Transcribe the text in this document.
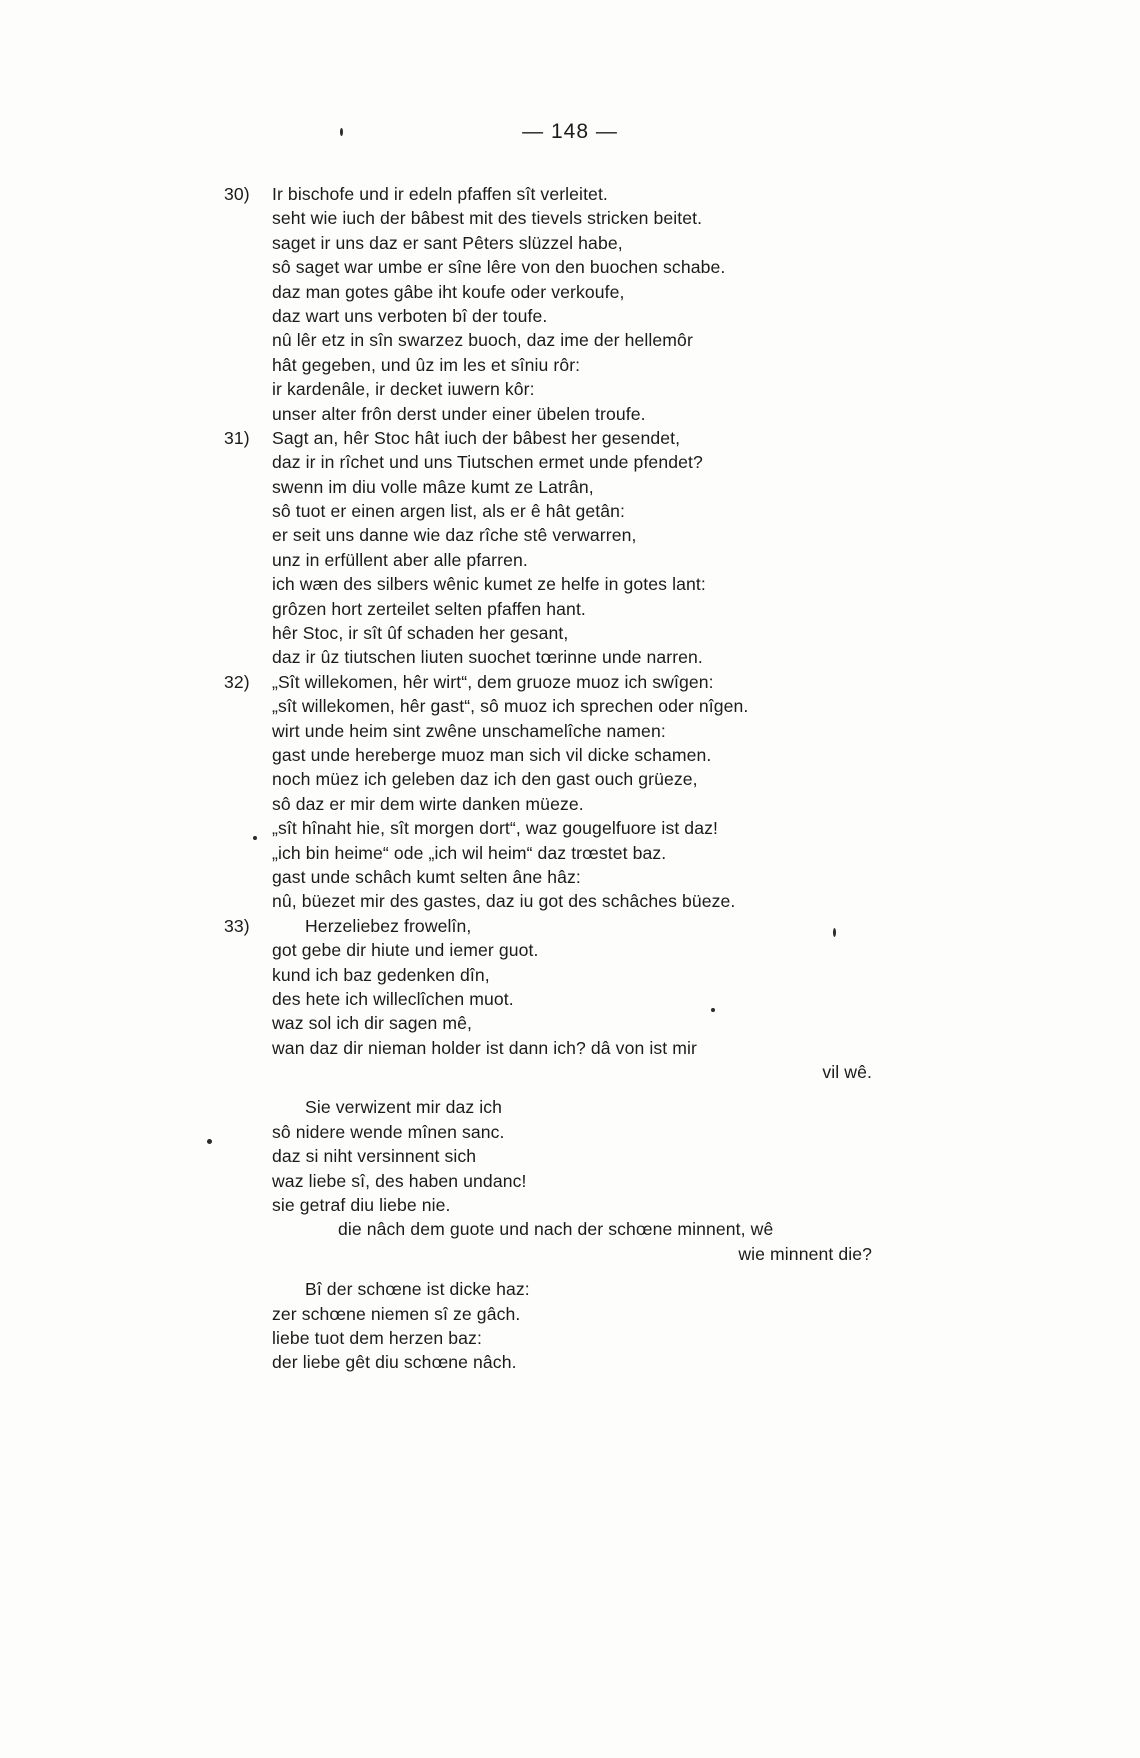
— 148 —
30)	Ir bischofe und ir edeln pfaffen sît verleitet.
seht wie iuch der bâbest mit des tievels stricken beitet.
saget ir uns daz er sant Pêters slüzzel habe,
sô saget war umbe er sîne lêre von den buochen schabe.
daz man gotes gâbe iht koufe oder verkoufe,
daz wart uns verboten bî der toufe.
nû lêr etz in sîn swarzez buoch, daz ime der hellemôr
hât gegeben, und ûz im les et sîniu rôr:
ir kardenâle, ir decket iuwern kôr:
unser alter frôn derst under einer übelen troufe.
31)	Sagt an, hêr Stoc hât iuch der bâbest her gesendet,
daz ir in rîchet und uns Tiutschen ermet unde pfendet?
swenn im diu volle mâze kumt ze Latrân,
sô tuot er einen argen list, als er ê hât getân:
er seit uns danne wie daz rîche stê verwarren,
unz in erfüllent aber alle pfarren.
ich wæn des silbers wênic kumet ze helfe in gotes lant:
grôzen hort zerteilet selten pfaffen hant.
hêr Stoc, ir sît ûf schaden her gesant,
daz ir ûz tiutschen liuten suochet tœrinne unde narren.
32)	„Sît willekomen, hêr wirt“, dem gruoze muoz ich swîgen:
„sît willekomen, hêr gast“, sô muoz ich sprechen oder nîgen.
wirt unde heim sint zwêne unschamelîche namen:
gast unde hereberge muoz man sich vil dicke schamen.
noch müez ich geleben daz ich den gast ouch grüeze,
sô daz er mir dem wirte danken müeze.
„sît hînaht hie, sît morgen dort“, waz gougelfuore ist daz!
„ich bin heime“ ode „ich wil heim“ daz trœstet baz.
gast unde schâch kumt selten âne hâz:
nû, büezet mir des gastes, daz iu got des schâches büeze.
33)	Herzeliebez frowelîn,
got gebe dir hiute und iemer guot.
kund ich baz gedenken dîn,
des hete ich willeclîchen muot.
waz sol ich dir sagen mê,
wan daz dir nieman holder ist dann ich? dâ von ist mir
vil wê.
Sie verwizent mir daz ich
sô nidere wende mînen sanc.
daz si niht versinnent sich
waz liebe sî, des haben undanc!
sie getraf diu liebe nie.
die nâch dem guote und nach der schœne minnent, wê
wie minnent die?
Bî der schœne ist dicke haz:
zer schœne niemen sî ze gâch.
liebe tuot dem herzen baz:
der liebe gêt diu schœne nâch.
